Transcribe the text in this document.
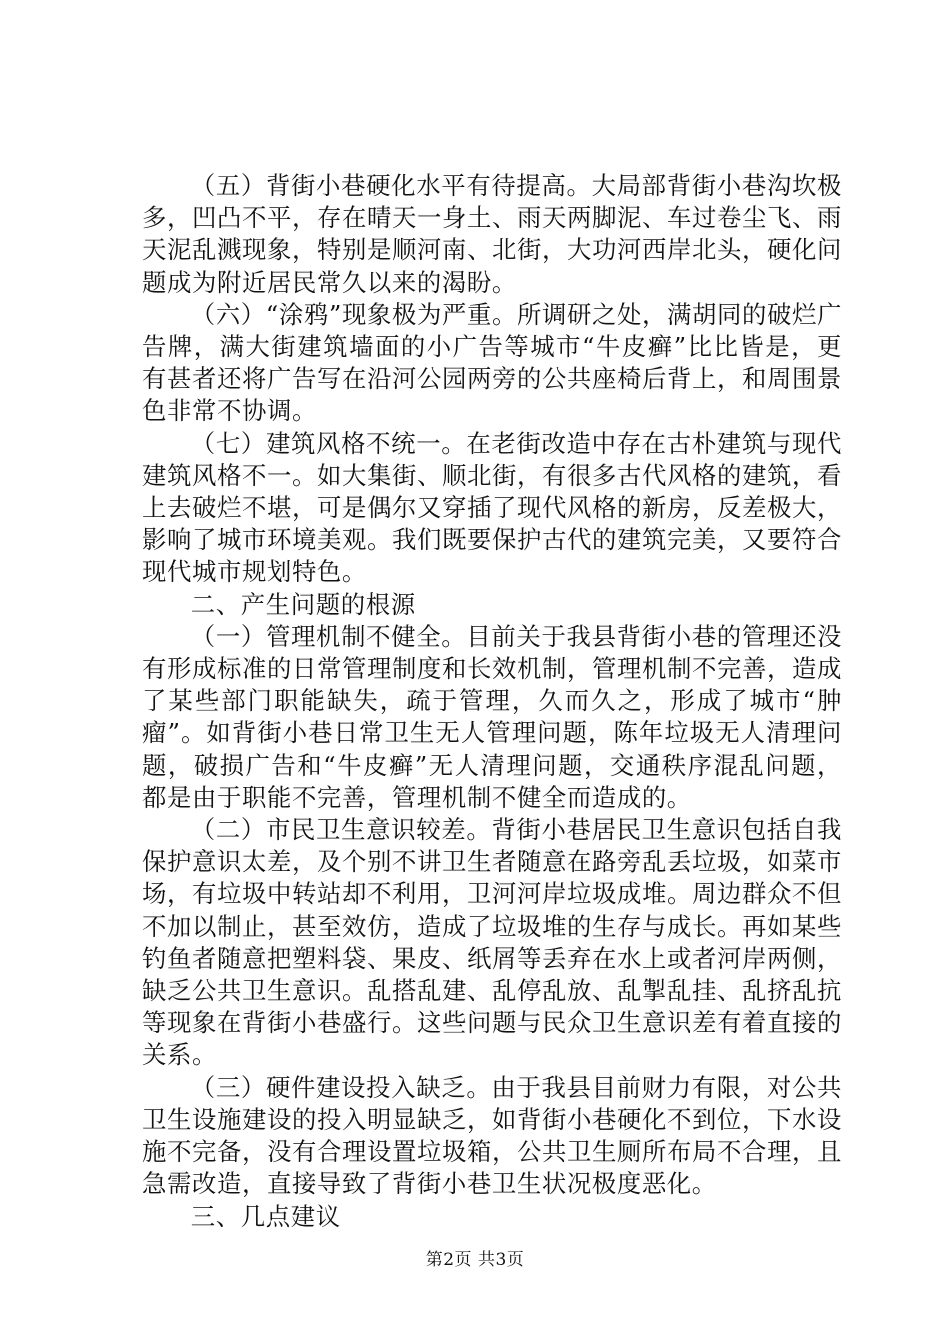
（五）背街小巷硬化水平有待提高。大局部背街小巷沟坎极多，凹凸不平，存在晴天一身土、雨天两脚泥、车过卷尘飞、雨天泥乱溅现象，特别是顺河南、北街，大功河西岸北头，硬化问题成为附近居民常久以来的渴盼。

（六）“涂鸦”现象极为严重。所调研之处，满胡同的破烂广告牌，满大街建筑墙面的小广告等城市“牛皮癣”比比皆是，更有甚者还将广告写在沿河公园两旁的公共座椅后背上，和周围景色非常不协调。

（七）建筑风格不统一。在老街改造中存在古朴建筑与现代建筑风格不一。如大集街、顺北街，有很多古代风格的建筑，看上去破烂不堪，可是偶尔又穿插了现代风格的新房，反差极大，影响了城市环境美观。我们既要保护古代的建筑完美，又要符合现代城市规划特色。

二、产生问题的根源

（一）管理机制不健全。目前关于我县背街小巷的管理还没有形成标准的日常管理制度和长效机制，管理机制不完善，造成了某些部门职能缺失，疏于管理，久而久之，形成了城市“肿瘤”。如背街小巷日常卫生无人管理问题，陈年垃圾无人清理问题，破损广告和“牛皮癣”无人清理问题，交通秩序混乱问题，都是由于职能不完善，管理机制不健全而造成的。

（二）市民卫生意识较差。背街小巷居民卫生意识包括自我保护意识太差，及个别不讲卫生者随意在路旁乱丢垃圾，如菜市场，有垃圾中转站却不利用，卫河河岸垃圾成堆。周边群众不但不加以制止，甚至效仿，造成了垃圾堆的生存与成长。再如某些钓鱼者随意把塑料袋、果皮、纸屑等丢弃在水上或者河岸两侧，缺乏公共卫生意识。乱搭乱建、乱停乱放、乱掣乱挂、乱挤乱抗等现象在背街小巷盛行。这些问题与民众卫生意识差有着直接的关系。

（三）硬件建设投入缺乏。由于我县目前财力有限，对公共卫生设施建设的投入明显缺乏，如背街小巷硬化不到位，下水设施不完备，没有合理设置垃圾箱，公共卫生厕所布局不合理，且急需改造，直接导致了背街小巷卫生状况极度恶化。

三、几点建议

第2页 共3页
